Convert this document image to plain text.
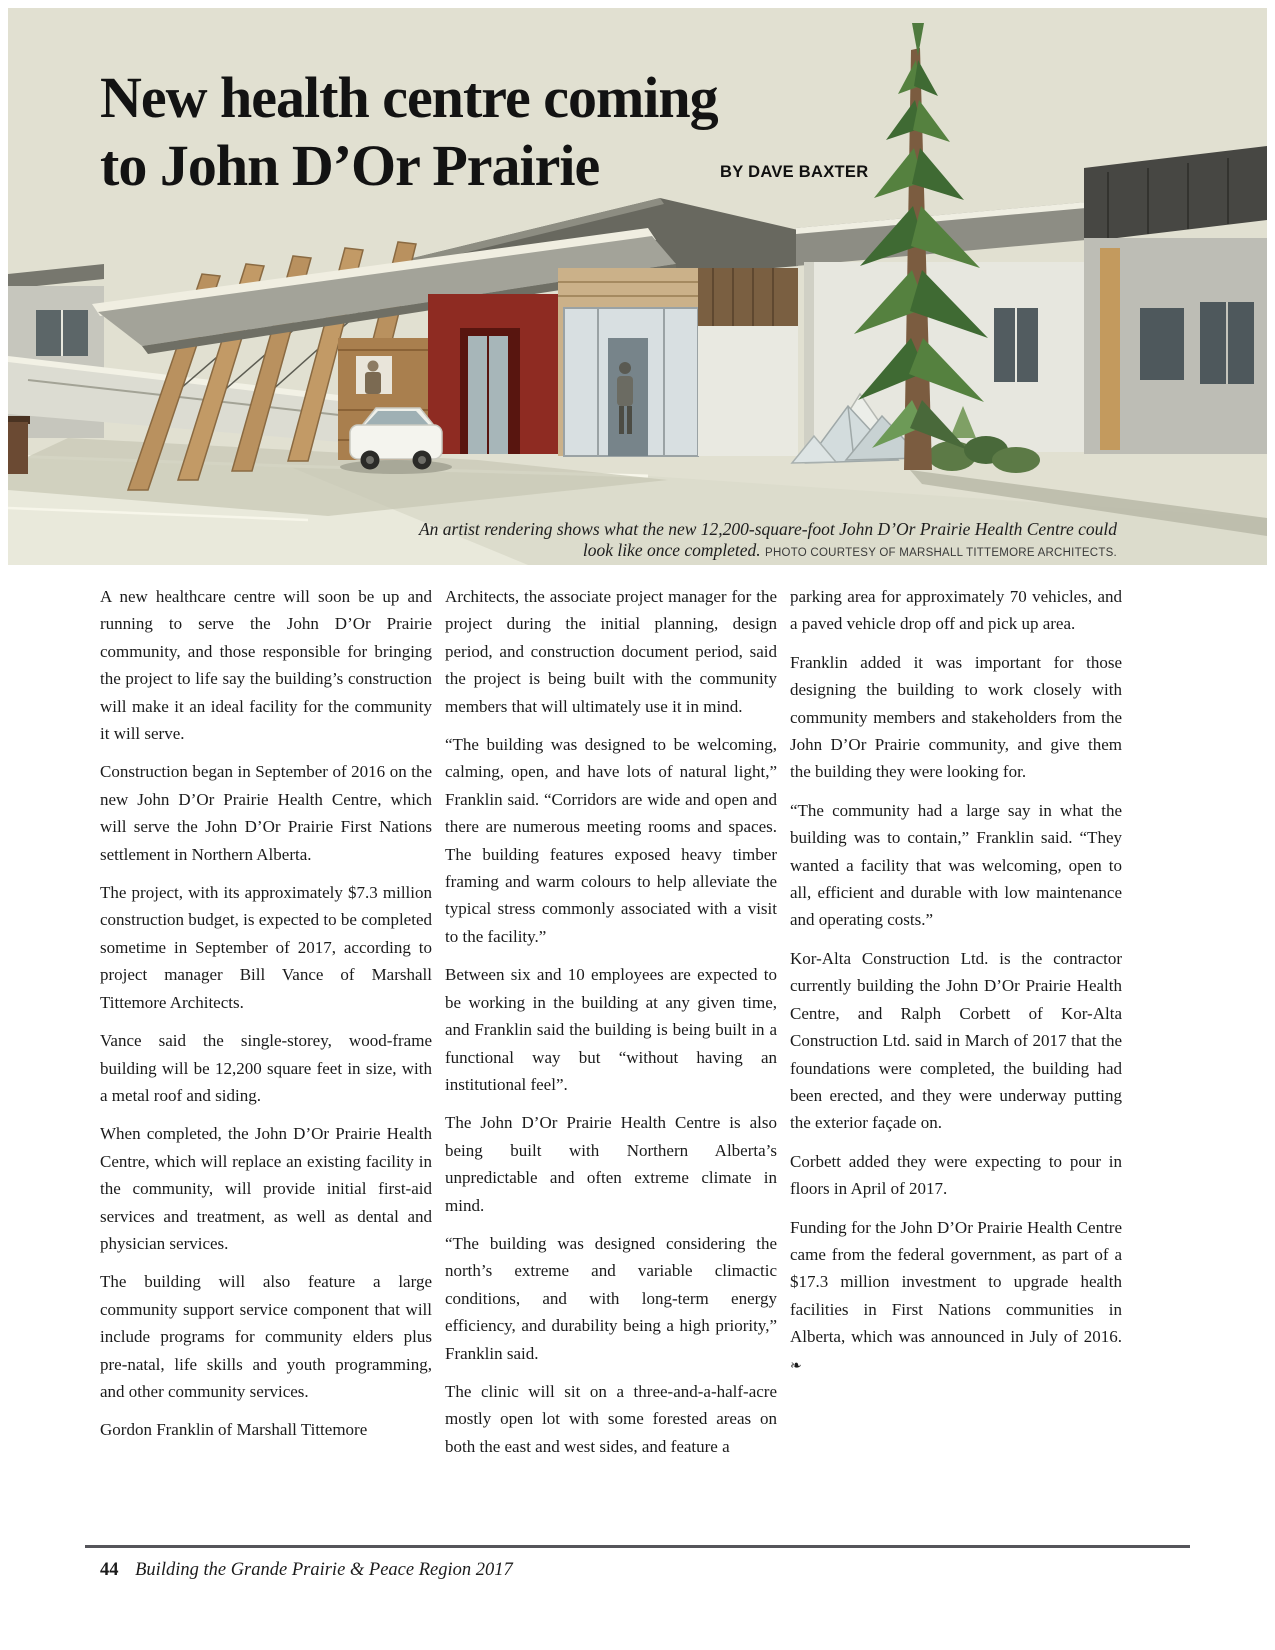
New health centre coming
to John D’Or Prairie	BY DAVE BAXTER
An artist rendering shows what the new 12,200-square-foot John D’Or Prairie Health Centre could look like once completed. PHOTO COURTESY OF MARSHALL TITTEMORE ARCHITECTS.

A new healthcare centre will soon be up and running to serve the John D’Or Prairie community, and those responsible for bringing the project to life say the building’s construction will make it an ideal facility for the community it will serve.

Construction began in September of 2016 on the new John D’Or Prairie Health Centre, which will serve the John D’Or Prairie First Nations settlement in Northern Alberta.

The project, with its approximately $7.3 million construction budget, is expected to be completed sometime in September of 2017, according to project manager Bill Vance of Marshall Tittemore Architects.

Vance said the single-storey, wood-frame building will be 12,200 square feet in size, with a metal roof and siding.

When completed, the John D’Or Prairie Health Centre, which will replace an existing facility in the community, will provide initial first-aid services and treatment, as well as dental and physician services.

The building will also feature a large community support service component that will include programs for community elders plus pre-natal, life skills and youth programming, and other community services.

Gordon Franklin of Marshall Tittemore

Architects, the associate project manager for the project during the initial planning, design period, and construction document period, said the project is being built with the community members that will ultimately use it in mind.

“The building was designed to be welcoming, calming, open, and have lots of natural light,” Franklin said. “Corridors are wide and open and there are numerous meeting rooms and spaces. The building features exposed heavy timber framing and warm colours to help alleviate the typical stress commonly associated with a visit to the facility.”

Between six and 10 employees are expected to be working in the building at any given time, and Franklin said the building is being built in a functional way but “without having an institutional feel”.

The John D’Or Prairie Health Centre is also being built with Northern Alberta’s unpredictable and often extreme climate in mind.

“The building was designed considering the north’s extreme and variable climactic conditions, and with long-term energy efficiency, and durability being a high priority,” Franklin said.

The clinic will sit on a three-and-a-half-acre mostly open lot with some forested areas on both the east and west sides, and feature a

parking area for approximately 70 vehicles, and a paved vehicle drop off and pick up area.

Franklin added it was important for those designing the building to work closely with community members and stakeholders from the John D’Or Prairie community, and give them the building they were looking for.

“The community had a large say in what the building was to contain,” Franklin said. “They wanted a facility that was welcoming, open to all, efficient and durable with low maintenance and operating costs.”

Kor-Alta Construction Ltd. is the contractor currently building the John D’Or Prairie Health Centre, and Ralph Corbett of Kor-Alta Construction Ltd. said in March of 2017 that the foundations were completed, the building had been erected, and they were underway putting the exterior façade on.

Corbett added they were expecting to pour in floors in April of 2017.

Funding for the John D’Or Prairie Health Centre came from the federal government, as part of a $17.3 million investment to upgrade health facilities in First Nations communities in Alberta, which was announced in July of 2016. ❧

44 Building the Grande Prairie & Peace Region 2017
